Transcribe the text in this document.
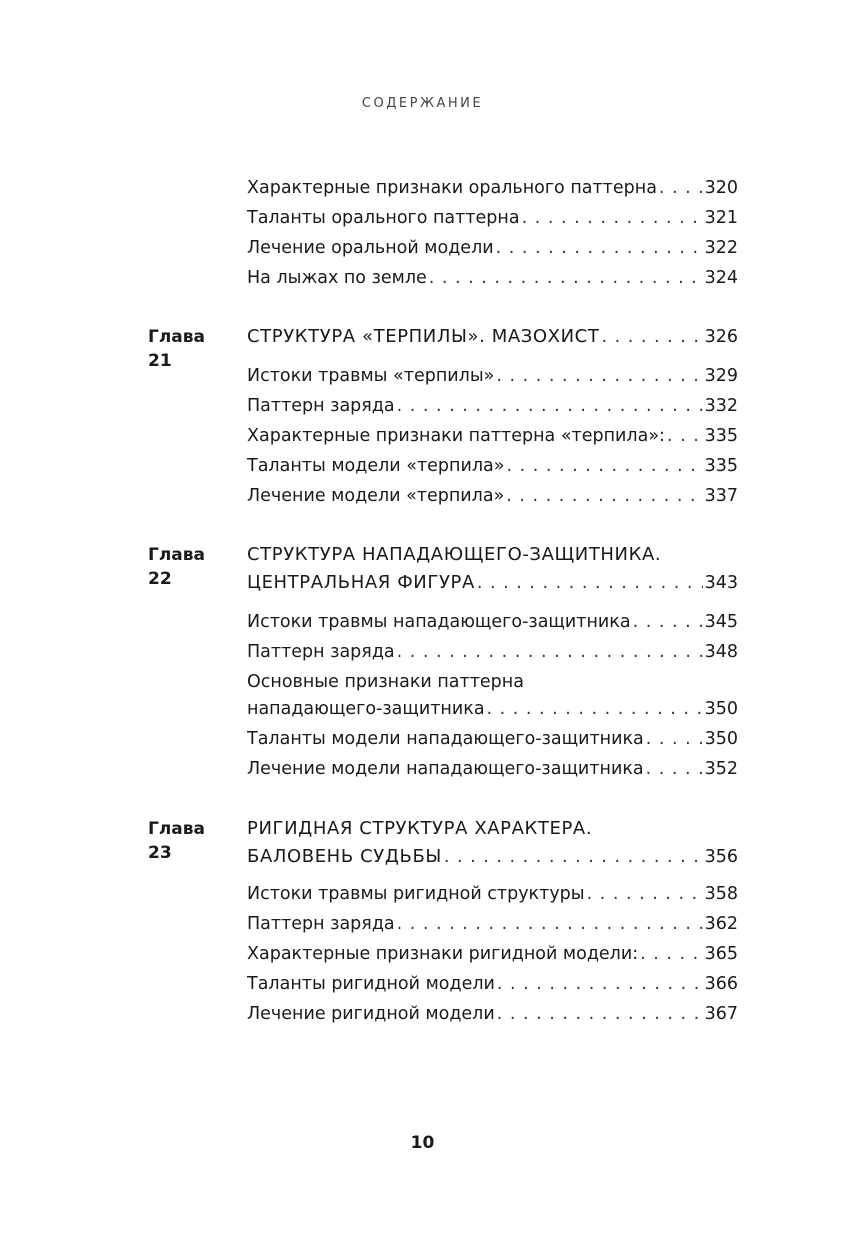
СОДЕРЖАНИЕ
Характерные признаки орального паттерна . . .	320
Таланты орального паттерна . . .	321
Лечение оральной модели . . .	322
На лыжах по земле . . .	324
Глава 21
СТРУКТУРА «ТЕРПИЛЫ». МАЗОХИСТ . . .	326
Истоки травмы «терпилы» . . .	329
Паттерн заряда . . .	332
Характерные признаки паттерна «терпила»: . . . 335
Таланты модели «терпила» . . .	335
Лечение модели «терпила» . . .	337
Глава 22
СТРУКТУРА НАПАДАЮЩЕГО-ЗАЩИТНИКА.
ЦЕНТРАЛЬНАЯ ФИГУРА . . .	343
Истоки травмы нападающего-защитника . . .	345
Паттерн заряда . . .	348
Основные признаки паттерна
нападающего-защитника . . .	350
Таланты модели нападающего-защитника . . .	350
Лечение модели нападающего-защитника . . .	352
Глава 23
РИГИДНАЯ СТРУКТУРА ХАРАКТЕРА.
БАЛОВЕНЬ СУДЬБЫ . . .	356
Истоки травмы ригидной структуры . . .	358
Паттерн заряда . . .	362
Характерные признаки ригидной модели: . . .	365
Таланты ригидной модели . . .	366
Лечение ригидной модели . . .	367
10
